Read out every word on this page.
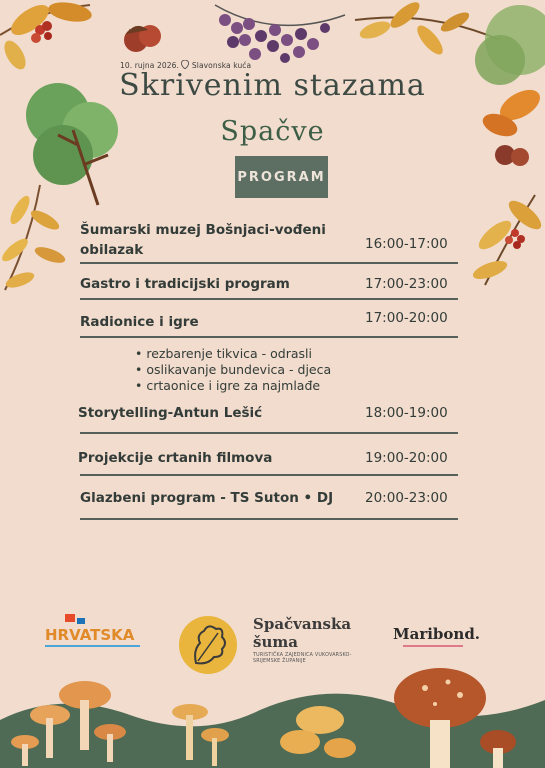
10. rujna 2026. Slavonska kuća
Skrivenim stazama
Spačve
PROGRAM
Šumarski muzej Bošnjaci-vođeni
obilazak	16:00-17:00
Gastro i tradicijski program	17:00-23:00
Radionice i igre	17:00-20:00
• rezbarenje tikvica - odrasli
• oslikavanje bundevica - djeca
• crtaonice i igre za najmlađe
Storytelling-Antun Lešić	18:00-19:00
Projekcije crtanih filmova	19:00-20:00
Glazbeni program - TS Suton • DJ 20:00-23:00
HRVATSKA
Spačvanska
šuma
TURISTIČKA ZAJEDNICA VUKOVARSKO-SRIJEMSKE ŽUPANIJE
Maribond.
